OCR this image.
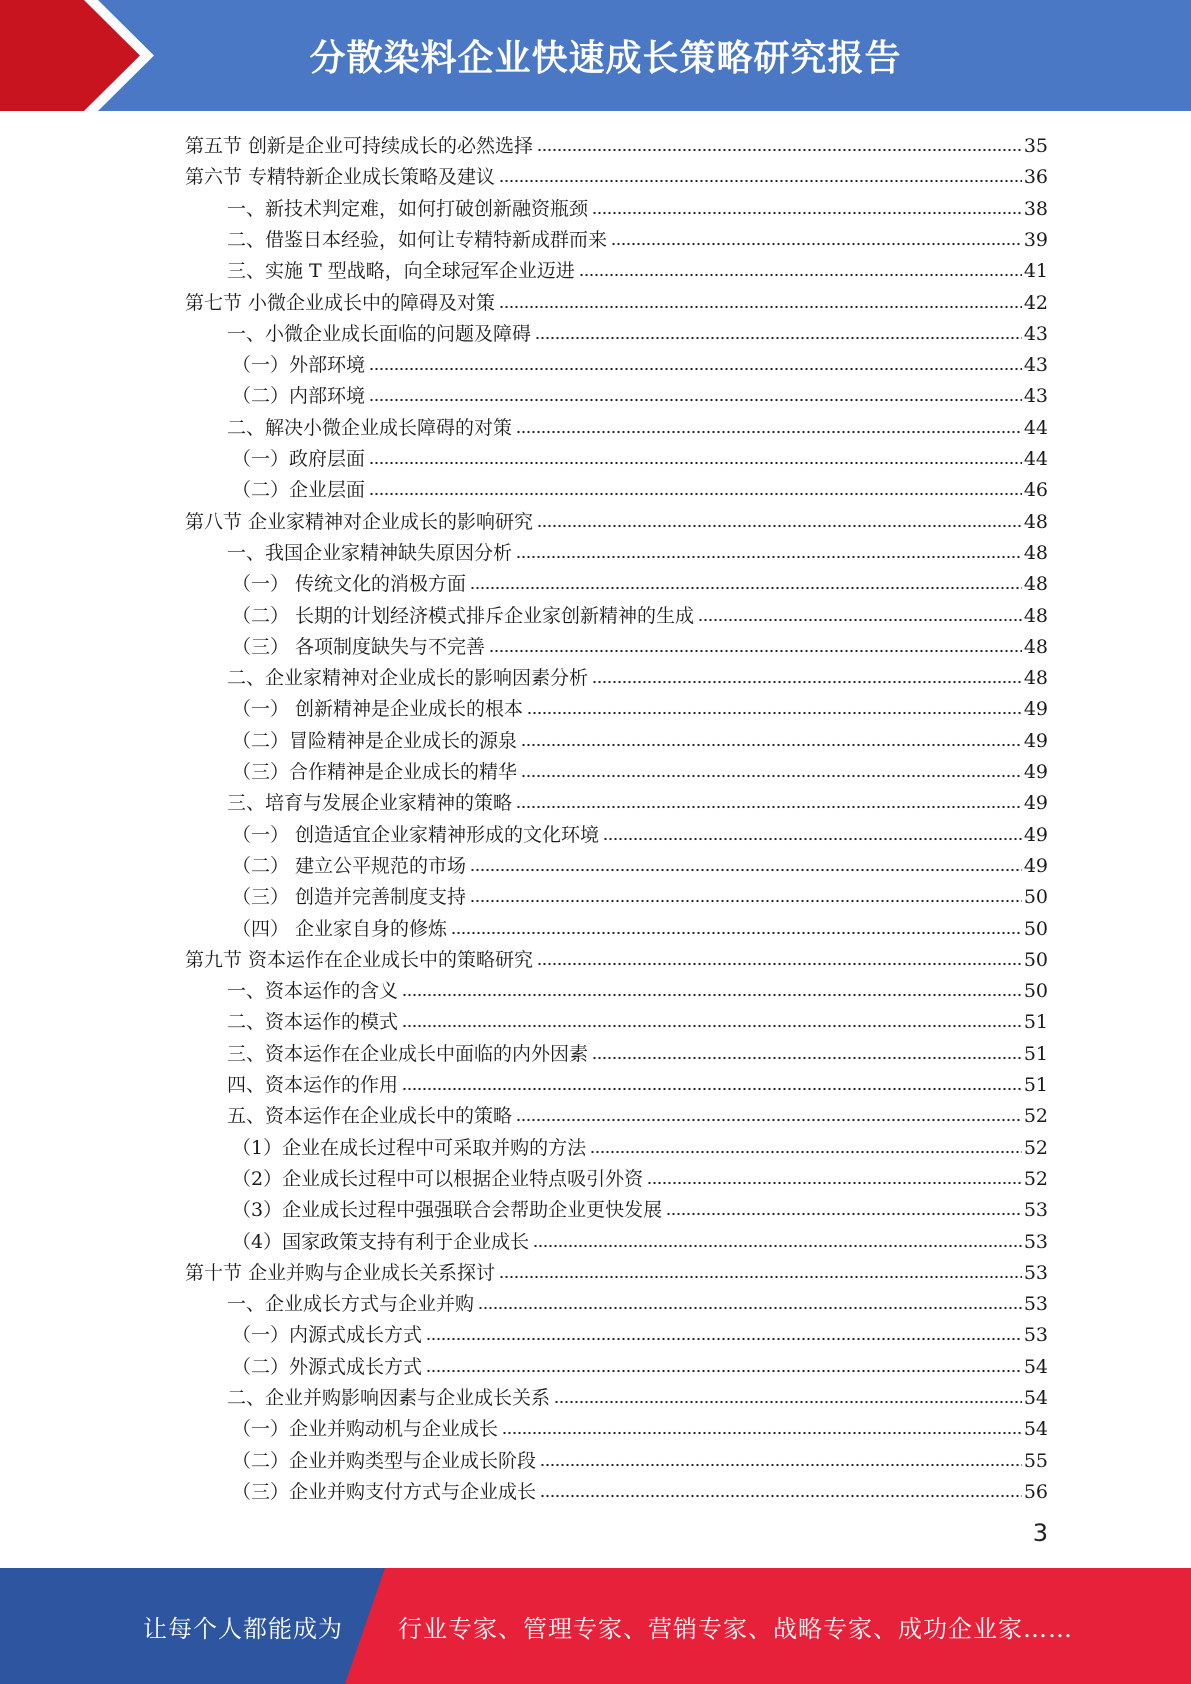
分散染料企业快速成长策略研究报告
第五节 创新是企业可持续成长的必然选择	35
第六节 专精特新企业成长策略及建议	36
一、新技术判定难，如何打破创新融资瓶颈	38
二、借鉴日本经验，如何让专精特新成群而来	39
三、实施 T 型战略，向全球冠军企业迈进	41
第七节 小微企业成长中的障碍及对策	42
一、小微企业成长面临的问题及障碍	43
（一）外部环境	43
（二）内部环境	43
二、解决小微企业成长障碍的对策	44
（一）政府层面	44
（二）企业层面	46
第八节 企业家精神对企业成长的影响研究	48
一、我国企业家精神缺失原因分析	48
（一） 传统文化的消极方面	48
（二） 长期的计划经济模式排斥企业家创新精神的生成	48
（三） 各项制度缺失与不完善	48
二、企业家精神对企业成长的影响因素分析	48
（一） 创新精神是企业成长的根本	49
（二）冒险精神是企业成长的源泉	49
（三）合作精神是企业成长的精华	49
三、培育与发展企业家精神的策略	49
（一） 创造适宜企业家精神形成的文化环境	49
（二） 建立公平规范的市场	49
（三） 创造并完善制度支持	50
（四） 企业家自身的修炼	50
第九节 资本运作在企业成长中的策略研究	50
一、资本运作的含义	50
二、资本运作的模式	51
三、资本运作在企业成长中面临的内外因素	51
四、资本运作的作用	51
五、资本运作在企业成长中的策略	52
（1）企业在成长过程中可采取并购的方法	52
（2）企业成长过程中可以根据企业特点吸引外资	52
（3）企业成长过程中强强联合会帮助企业更快发展	53
（4）国家政策支持有利于企业成长	53
第十节 企业并购与企业成长关系探讨	53
一、企业成长方式与企业并购	53
（一）内源式成长方式	53
（二）外源式成长方式	54
二、企业并购影响因素与企业成长关系	54
（一）企业并购动机与企业成长	54
（二）企业并购类型与企业成长阶段	55
（三）企业并购支付方式与企业成长	56
3
让每个人都能成为 行业专家、管理专家、营销专家、战略专家、成功企业家……
